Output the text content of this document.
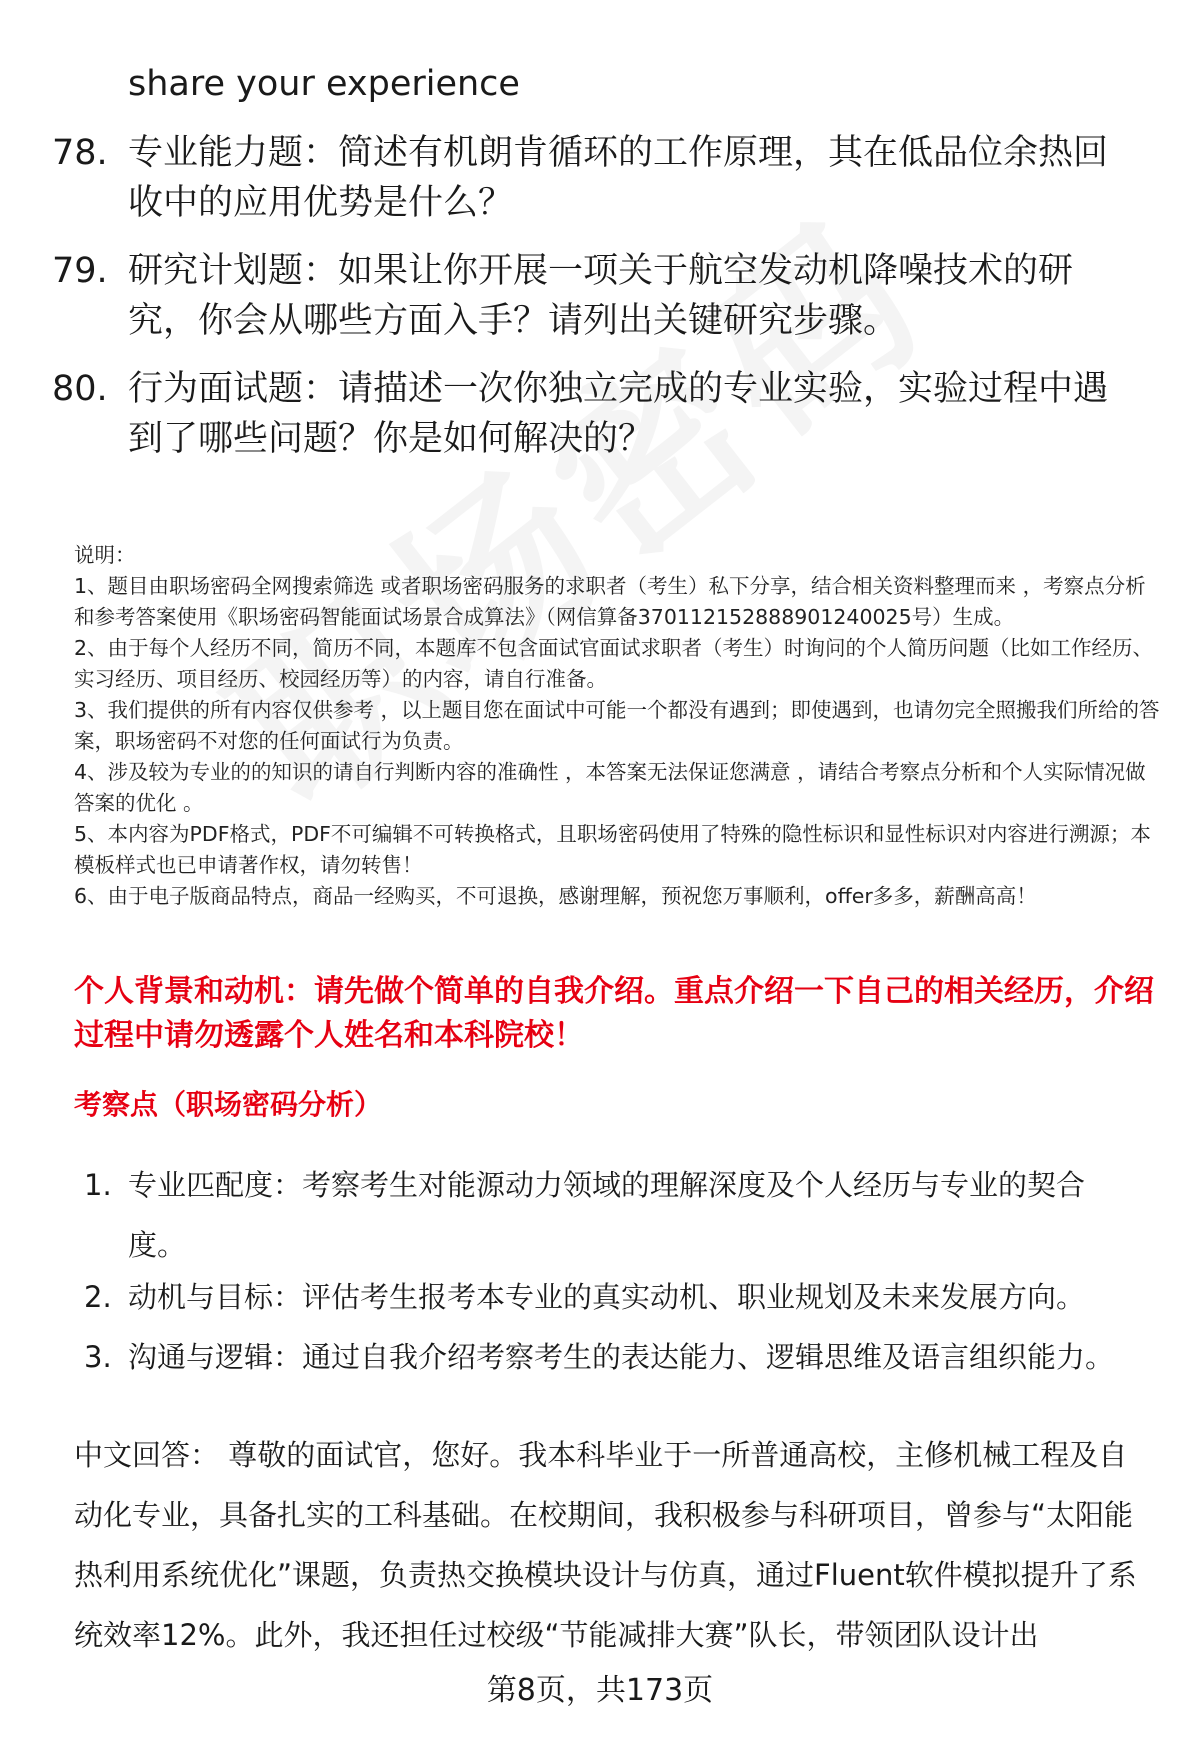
share your experience
78. 专业能力题：简述有机朗肯循环的工作原理，其在低品位余热回收中的应用优势是什么？
79. 研究计划题：如果让你开展一项关于航空发动机降噪技术的研究，你会从哪些方面入手？请列出关键研究步骤。
80. 行为面试题：请描述一次你独立完成的专业实验，实验过程中遇到了哪些问题？你是如何解决的？
说明：
1、题目由职场密码全网搜索筛选 或者职场密码服务的求职者（考生）私下分享，结合相关资料整理而来 ，考察点分析和参考答案使用《职场密码智能面试场景合成算法》（网信算备370112152888901240025号）生成。
2、由于每个人经历不同，简历不同，本题库不包含面试官面试求职者（考生）时询问的个人简历问题（比如工作经历、实习经历、项目经历、校园经历等）的内容，请自行准备。
3、我们提供的所有内容仅供参考 ，以上题目您在面试中可能一个都没有遇到；即使遇到，也请勿完全照搬我们所给的答案，职场密码不对您的任何面试行为负责。
4、涉及较为专业的的知识的请自行判断内容的准确性 ，本答案无法保证您满意 ，请结合考察点分析和个人实际情况做答案的优化 。
5、本内容为PDF格式，PDF不可编辑不可转换格式，且职场密码使用了特殊的隐性标识和显性标识对内容进行溯源；本模板样式也已申请著作权，请勿转售！
6、由于电子版商品特点，商品一经购买，不可退换，感谢理解，预祝您万事顺利，offer多多，薪酬高高！
个人背景和动机：请先做个简单的自我介绍。重点介绍一下自己的相关经历，介绍过程中请勿透露个人姓名和本科院校！
考察点（职场密码分析）
1. 专业匹配度：考察考生对能源动力领域的理解深度及个人经历与专业的契合度。
2. 动机与目标：评估考生报考本专业的真实动机、职业规划及未来发展方向。
3. 沟通与逻辑：通过自我介绍考察考生的表达能力、逻辑思维及语言组织能力。
中文回答： 尊敬的面试官，您好。我本科毕业于一所普通高校，主修机械工程及自动化专业，具备扎实的工科基础。在校期间，我积极参与科研项目，曾参与“太阳能热利用系统优化”课题，负责热交换模块设计与仿真，通过Fluent软件模拟提升了系统效率12%。此外，我还担任过校级“节能减排大赛”队长，带领团队设计出
第8页，共173页
